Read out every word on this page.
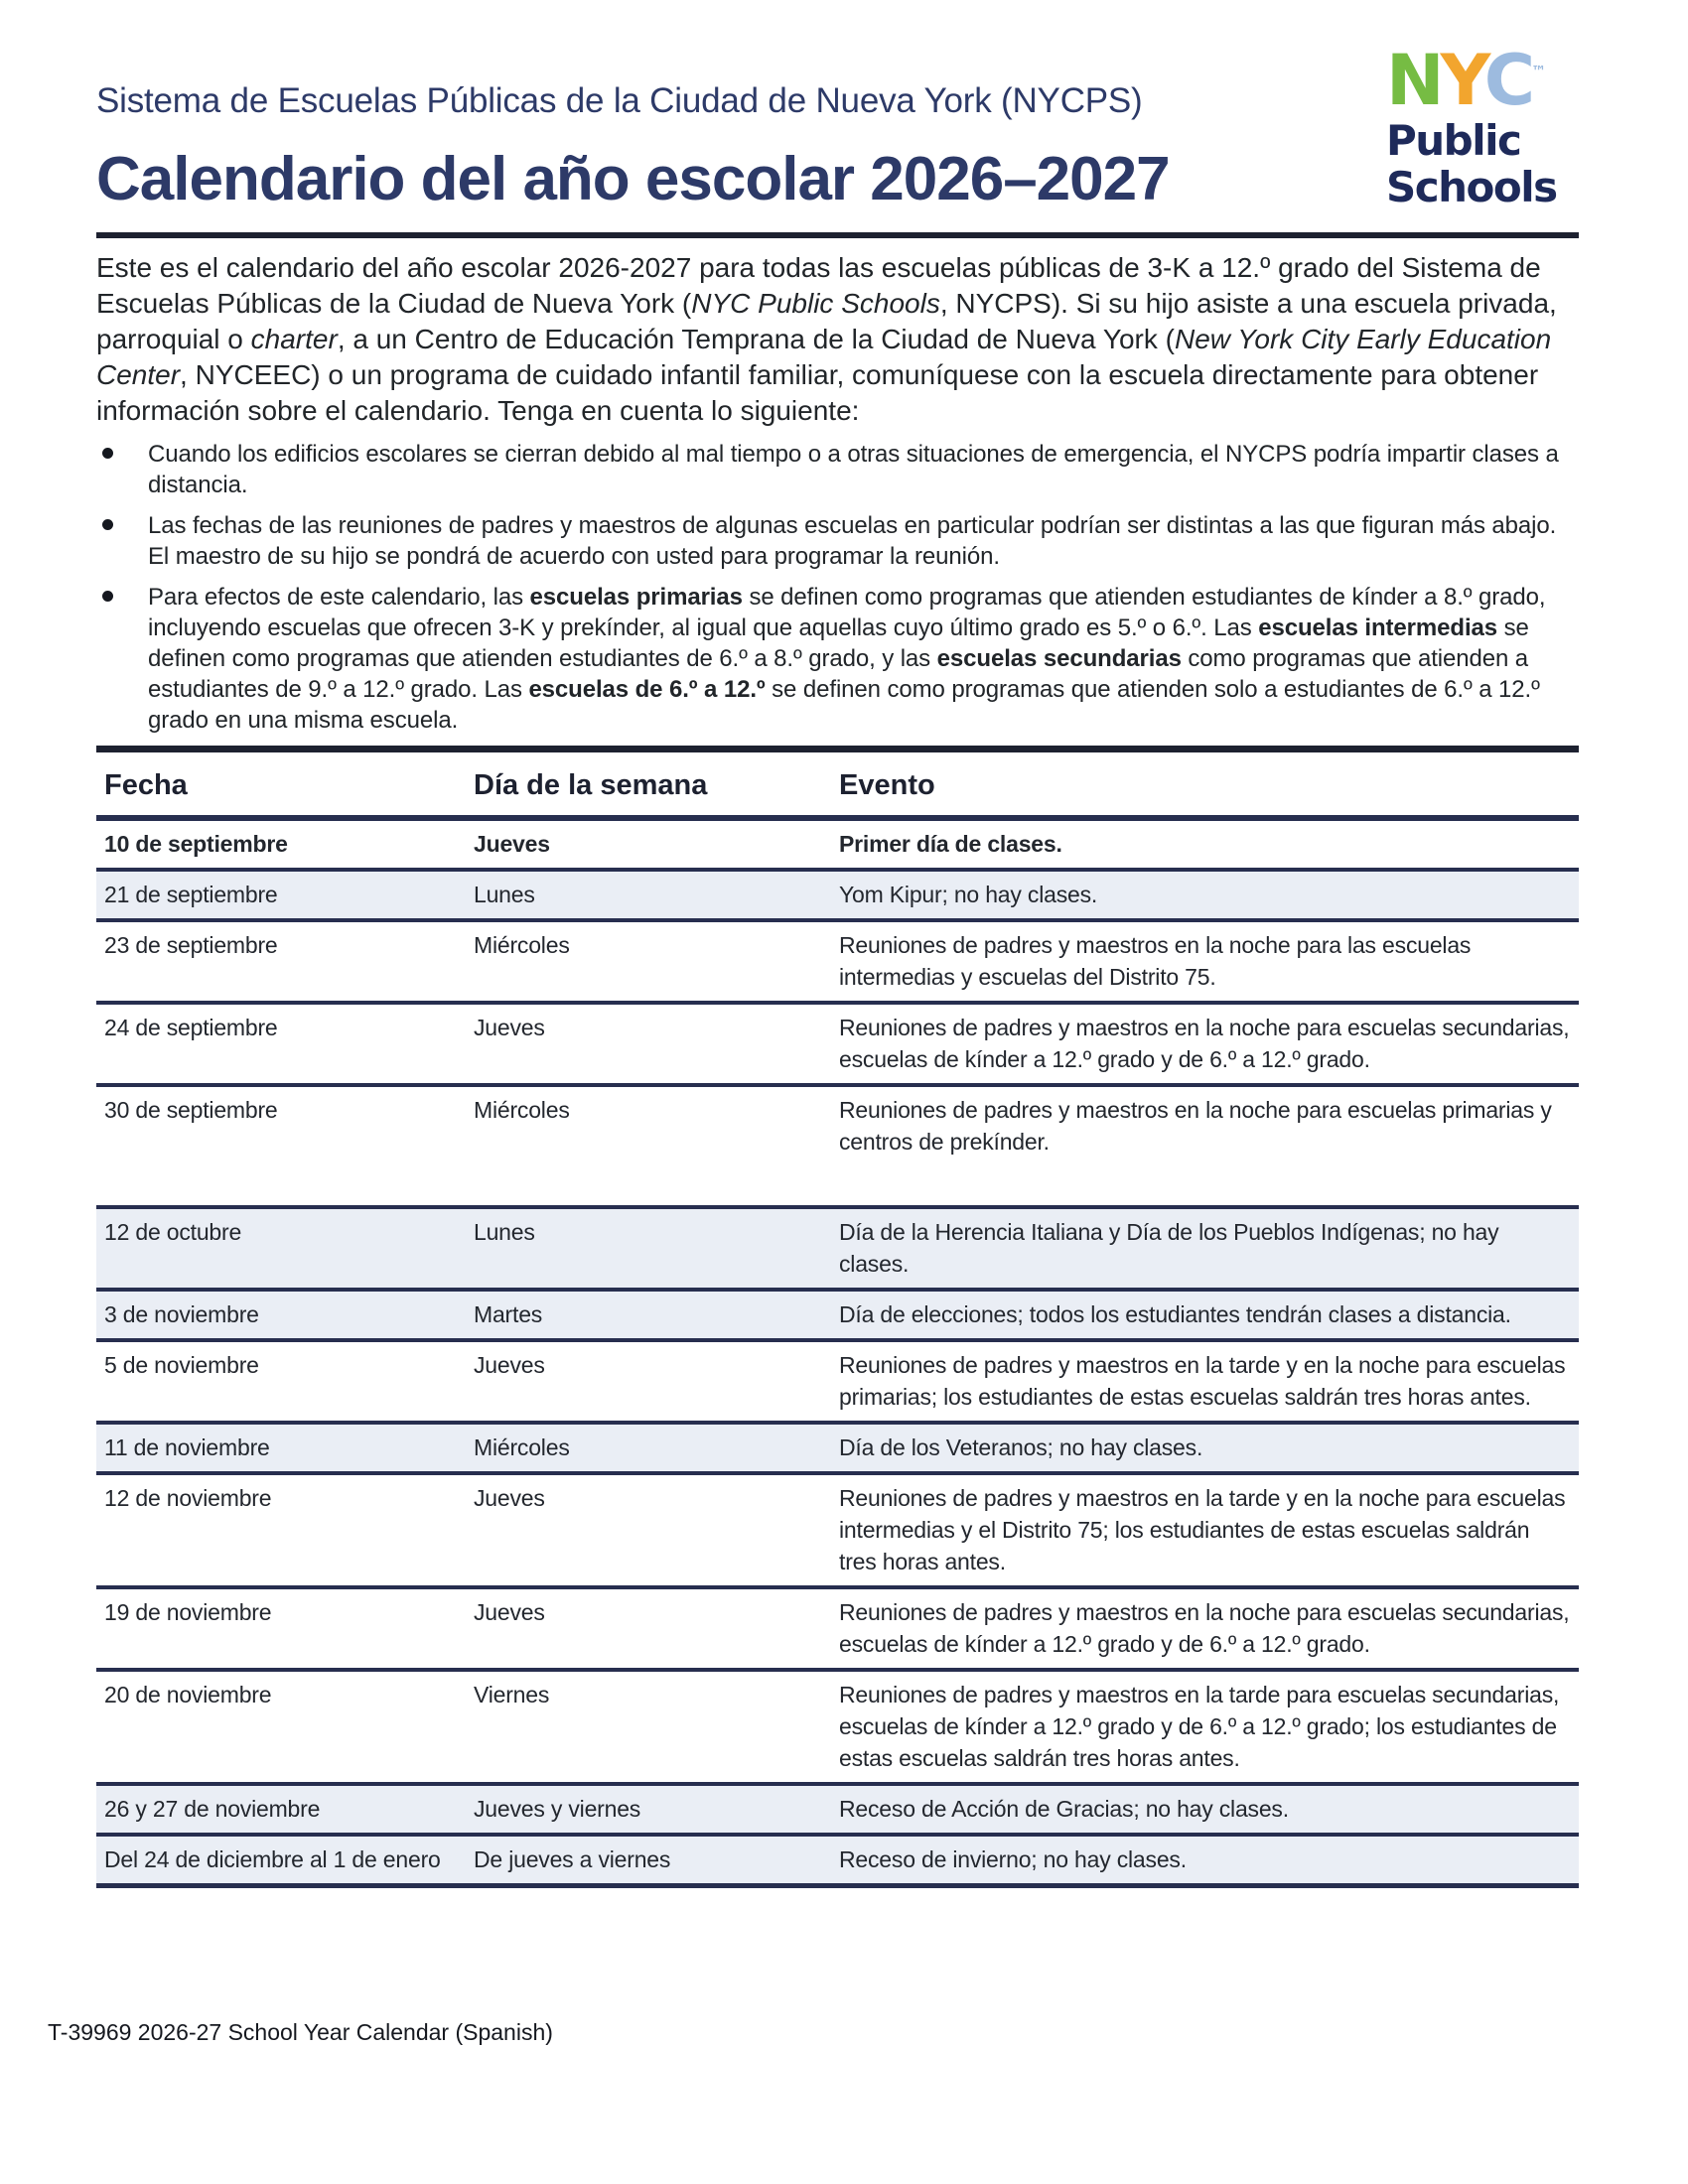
NYC™
Public
Schools
Sistema de Escuelas Públicas de la Ciudad de Nueva York (NYCPS)
Calendario del año escolar 2026–2027

Este es el calendario del año escolar 2026-2027 para todas las escuelas públicas de 3-K a 12.º grado del Sistema de Escuelas Públicas de la Ciudad de Nueva York (NYC Public Schools, NYCPS). Si su hijo asiste a una escuela privada, parroquial o charter, a un Centro de Educación Temprana de la Ciudad de Nueva York (New York City Early Education Center, NYCEEC) o un programa de cuidado infantil familiar, comuníquese con la escuela directamente para obtener información sobre el calendario. Tenga en cuenta lo siguiente:

Cuando los edificios escolares se cierran debido al mal tiempo o a otras situaciones de emergencia, el NYCPS podría impartir clases a distancia.
Las fechas de las reuniones de padres y maestros de algunas escuelas en particular podrían ser distintas a las que figuran más abajo. El maestro de su hijo se pondrá de acuerdo con usted para programar la reunión.
Para efectos de este calendario, las escuelas primarias se definen como programas que atienden estudiantes de kínder a 8.º grado, incluyendo escuelas que ofrecen 3-K y prekínder, al igual que aquellas cuyo último grado es 5.º o 6.º. Las escuelas intermedias se definen como programas que atienden estudiantes de 6.º a 8.º grado, y las escuelas secundarias como programas que atienden a estudiantes de 9.º a 12.º grado. Las escuelas de 6.º a 12.º se definen como programas que atienden solo a estudiantes de 6.º a 12.º grado en una misma escuela.
Fecha	Día de la semana	Evento
10 de septiembre	Jueves	Primer día de clases.
21 de septiembre	Lunes	Yom Kipur; no hay clases.
23 de septiembre	Miércoles	Reuniones de padres y maestros en la noche para las escuelas intermedias y escuelas del Distrito 75.
24 de septiembre	Jueves	Reuniones de padres y maestros en la noche para escuelas secundarias, escuelas de kínder a 12.º grado y de 6.º a 12.º grado.
30 de septiembre	Miércoles	Reuniones de padres y maestros en la noche para escuelas primarias y centros de prekínder.
12 de octubre	Lunes	Día de la Herencia Italiana y Día de los Pueblos Indígenas; no hay clases.
3 de noviembre	Martes	Día de elecciones; todos los estudiantes tendrán clases a distancia.
5 de noviembre	Jueves	Reuniones de padres y maestros en la tarde y en la noche para escuelas primarias; los estudiantes de estas escuelas saldrán tres horas antes.
11 de noviembre	Miércoles	Día de los Veteranos; no hay clases.
12 de noviembre	Jueves	Reuniones de padres y maestros en la tarde y en la noche para escuelas intermedias y el Distrito 75; los estudiantes de estas escuelas saldrán tres horas antes.
19 de noviembre	Jueves	Reuniones de padres y maestros en la noche para escuelas secundarias, escuelas de kínder a 12.º grado y de 6.º a 12.º grado.
20 de noviembre	Viernes	Reuniones de padres y maestros en la tarde para escuelas secundarias, escuelas de kínder a 12.º grado y de 6.º a 12.º grado; los estudiantes de estas escuelas saldrán tres horas antes.
26 y 27 de noviembre	Jueves y viernes	Receso de Acción de Gracias; no hay clases.
Del 24 de diciembre al 1 de enero	De jueves a viernes	Receso de invierno; no hay clases.
T-39969 2026-27 School Year Calendar (Spanish)
